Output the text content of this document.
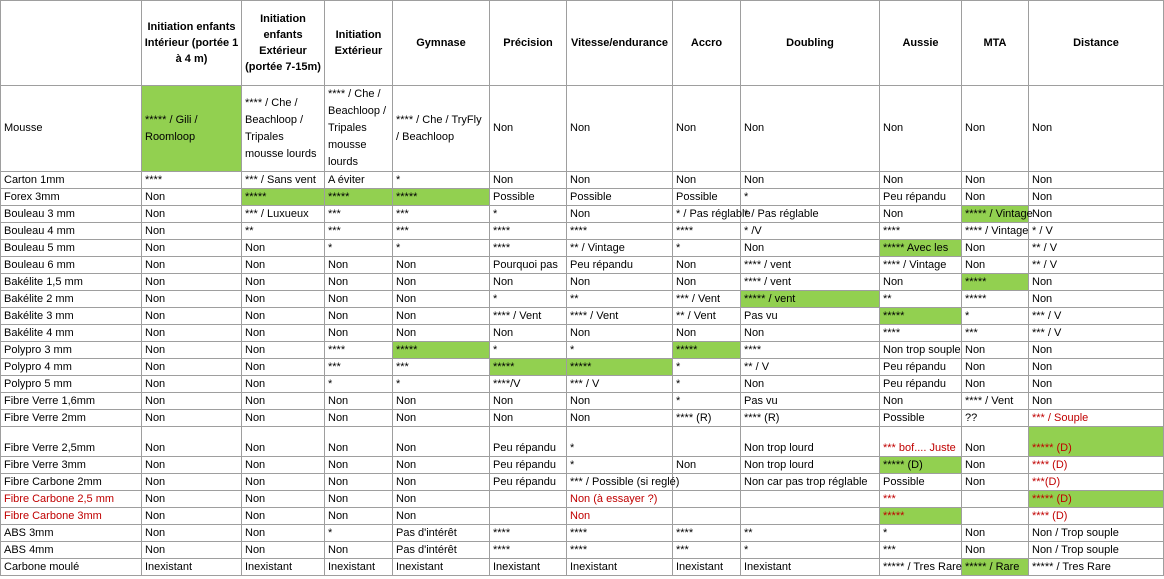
	Initiation enfants Intérieur (portée 1 à 4 m)	Initiation enfants Extérieur (portée 7-15m)	Initiation Extérieur	Gymnase	Précision	Vitesse/endurance	Accro	Doubling	Aussie	MTA	Distance
Mousse	***** / Gili / Roomloop	**** / Che / Beachloop / Tripales mousse lourds	**** / Che / Beachloop / Tripales mousse lourds	**** / Che / TryFly / Beachloop	Non	Non	Non	Non	Non	Non	Non
Carton 1mm	****	*** / Sans vent	A éviter	*	Non	Non	Non	Non	Non	Non	Non
Forex 3mm	Non	*****	*****	*****	Possible	Possible	Possible	*	Peu répandu	Non	Non
Bouleau 3 mm	Non	*** / Luxueux	***	***	*	Non	* / Pas réglable	* / Pas réglable	Non	***** / Vintage	Non
Bouleau 4 mm	Non	**	***	***	****	****	****	* /V	****	**** / Vintage	* / V
Bouleau 5 mm	Non	Non	*	*	****	** / Vintage	*	Non	***** Avec les	Non	** / V
Bouleau 6 mm	Non	Non	Non	Non	Pourquoi pas	Peu répandu	Non	**** / vent	**** / Vintage	Non	** / V
Bakélite 1,5 mm	Non	Non	Non	Non	Non	Non	Non	**** / vent	Non	*****	Non
Bakélite 2 mm	Non	Non	Non	Non	*	**	*** / Vent	***** / vent	**	*****	Non
Bakélite 3 mm	Non	Non	Non	Non	**** / Vent	**** / Vent	** / Vent	Pas vu	*****	*	*** / V
Bakélite 4 mm	Non	Non	Non	Non	Non	Non	Non	Non	****	***	*** / V
Polypro 3 mm	Non	Non	****	*****	*	*	*****	****	Non trop souple	Non	Non
Polypro 4 mm	Non	Non	***	***	*****	*****	*	** / V	Peu répandu	Non	Non
Polypro 5 mm	Non	Non	*	*	****/V	*** / V	*	Non	Peu répandu	Non	Non
Fibre Verre 1,6mm	Non	Non	Non	Non	Non	Non	*	Pas vu	Non	**** / Vent	Non
Fibre Verre 2mm	Non	Non	Non	Non	Non	Non	**** (R)	**** (R)	Possible	??	*** / Souple
Fibre Verre 2,5mm	Non	Non	Non	Non	Peu répandu	*		Non trop lourd	*** bof.... Juste	Non	***** (D)
Fibre Verre 3mm	Non	Non	Non	Non	Peu répandu	*	Non	Non trop lourd	***** (D)	Non	**** (D)
Fibre Carbone 2mm	Non	Non	Non	Non	Peu répandu	*** / Possible (si reglé)		Non car pas trop réglable	Possible	Non	***(D)
Fibre Carbone 2,5 mm	Non	Non	Non	Non		Non (à essayer ?)			***		***** (D)
Fibre Carbone 3mm	Non	Non	Non	Non		Non			*****		**** (D)
ABS 3mm	Non	Non	*	Pas d'intérêt	****	****	****	**	*	Non	Non / Trop souple
ABS 4mm	Non	Non	Non	Pas d'intérêt	****	****	***	*	***	Non	Non / Trop souple
Carbone moulé	Inexistant	Inexistant	Inexistant	Inexistant	Inexistant	Inexistant	Inexistant	Inexistant	***** / Tres Rare	***** / Rare	***** / Tres Rare
